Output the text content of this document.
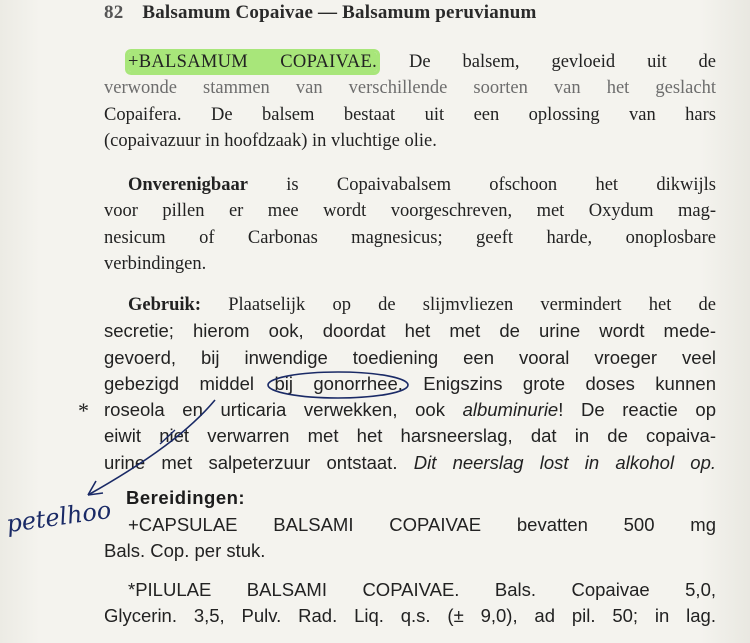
82 Balsamum Copaivae — Balsamum peruvianum
+BALSAMUM COPAIVAE. De balsem, gevloeid uit de
verwonde stammen van verschillende soorten van het geslacht
Copaifera. De balsem bestaat uit een oplossing van hars
(copaivazuur in hoofdzaak) in vluchtige olie.
Onverenigbaar is Copaivabalsem ofschoon het dikwijls
voor pillen er mee wordt voorgeschreven, met Oxydum mag-
nesicum of Carbonas magnesicus; geeft harde, onoplosbare
verbindingen.
Gebruik: Plaatselijk op de slijmvliezen vermindert het de
secretie; hierom ook, doordat het met de urine wordt mede-
gevoerd, bij inwendige toediening een vooral vroeger veel
gebezigd middel bij gonorrhee. Enigszins grote doses kunnen
roseola en urticaria verwekken, ook albuminurie! De reactie op
eiwit niet verwarren met het harsneerslag, dat in de copaiva-
urine met salpeterzuur ontstaat. Dit neerslag lost in alkohol op.
Bereidingen:
+CAPSULAE BALSAMI COPAIVAE bevatten 500 mg
Bals. Cop. per stuk.
*PILULAE BALSAMI COPAIVAE. Bals. Copaivae 5,0,
Glycerin. 3,5, Pulv. Rad. Liq. q.s. (± 9,0), ad pil. 50; in lag.
*
petelhoo
